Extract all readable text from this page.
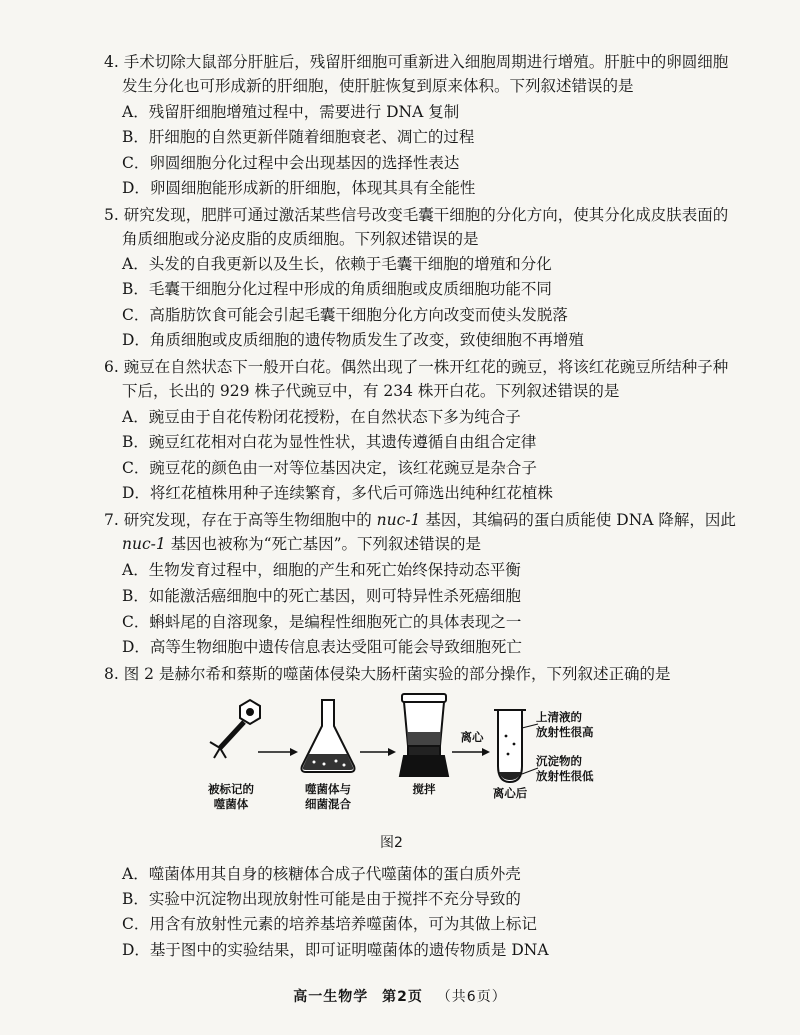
4. 手术切除大鼠部分肝脏后，残留肝细胞可重新进入细胞周期进行增殖。肝脏中的卵圆细胞
发生分化也可形成新的肝细胞，使肝脏恢复到原来体积。下列叙述错误的是
A．残留肝细胞增殖过程中，需要进行 DNA 复制
B．肝细胞的自然更新伴随着细胞衰老、凋亡的过程
C．卵圆细胞分化过程中会出现基因的选择性表达
D．卵圆细胞能形成新的肝细胞，体现其具有全能性
5. 研究发现，肥胖可通过激活某些信号改变毛囊干细胞的分化方向，使其分化成皮肤表面的
角质细胞或分泌皮脂的皮质细胞。下列叙述错误的是
A．头发的自我更新以及生长，依赖于毛囊干细胞的增殖和分化
B．毛囊干细胞分化过程中形成的角质细胞或皮质细胞功能不同
C．高脂肪饮食可能会引起毛囊干细胞分化方向改变而使头发脱落
D．角质细胞或皮质细胞的遗传物质发生了改变，致使细胞不再增殖
6. 豌豆在自然状态下一般开白花。偶然出现了一株开红花的豌豆，将该红花豌豆所结种子种
下后，长出的 929 株子代豌豆中，有 234 株开白花。下列叙述错误的是
A．豌豆由于自花传粉闭花授粉，在自然状态下多为纯合子
B．豌豆红花相对白花为显性性状，其遗传遵循自由组合定律
C．豌豆花的颜色由一对等位基因决定，该红花豌豆是杂合子
D．将红花植株用种子连续繁育，多代后可筛选出纯种红花植株
7. 研究发现，存在于高等生物细胞中的 nuc-1 基因，其编码的蛋白质能使 DNA 降解，因此
nuc-1 基因也被称为“死亡基因”。下列叙述错误的是
A．生物发育过程中，细胞的产生和死亡始终保持动态平衡
B．如能激活癌细胞中的死亡基因，则可特异性杀死癌细胞
C．蝌蚪尾的自溶现象，是编程性细胞死亡的具体表现之一
D．高等生物细胞中遗传信息表达受阻可能会导致细胞死亡
8. 图 2 是赫尔希和蔡斯的噬菌体侵染大肠杆菌实验的部分操作，下列叙述正确的是
被标记的
噬菌体
噬菌体与
细菌混合
搅拌
离心
离心后
上清液的
放射性很高
沉淀物的
放射性很低
图2
A．噬菌体用其自身的核糖体合成子代噬菌体的蛋白质外壳
B．实验中沉淀物出现放射性可能是由于搅拌不充分导致的
C．用含有放射性元素的培养基培养噬菌体，可为其做上标记
D．基于图中的实验结果，即可证明噬菌体的遗传物质是 DNA
高一生物学 第2页 （共6页）
